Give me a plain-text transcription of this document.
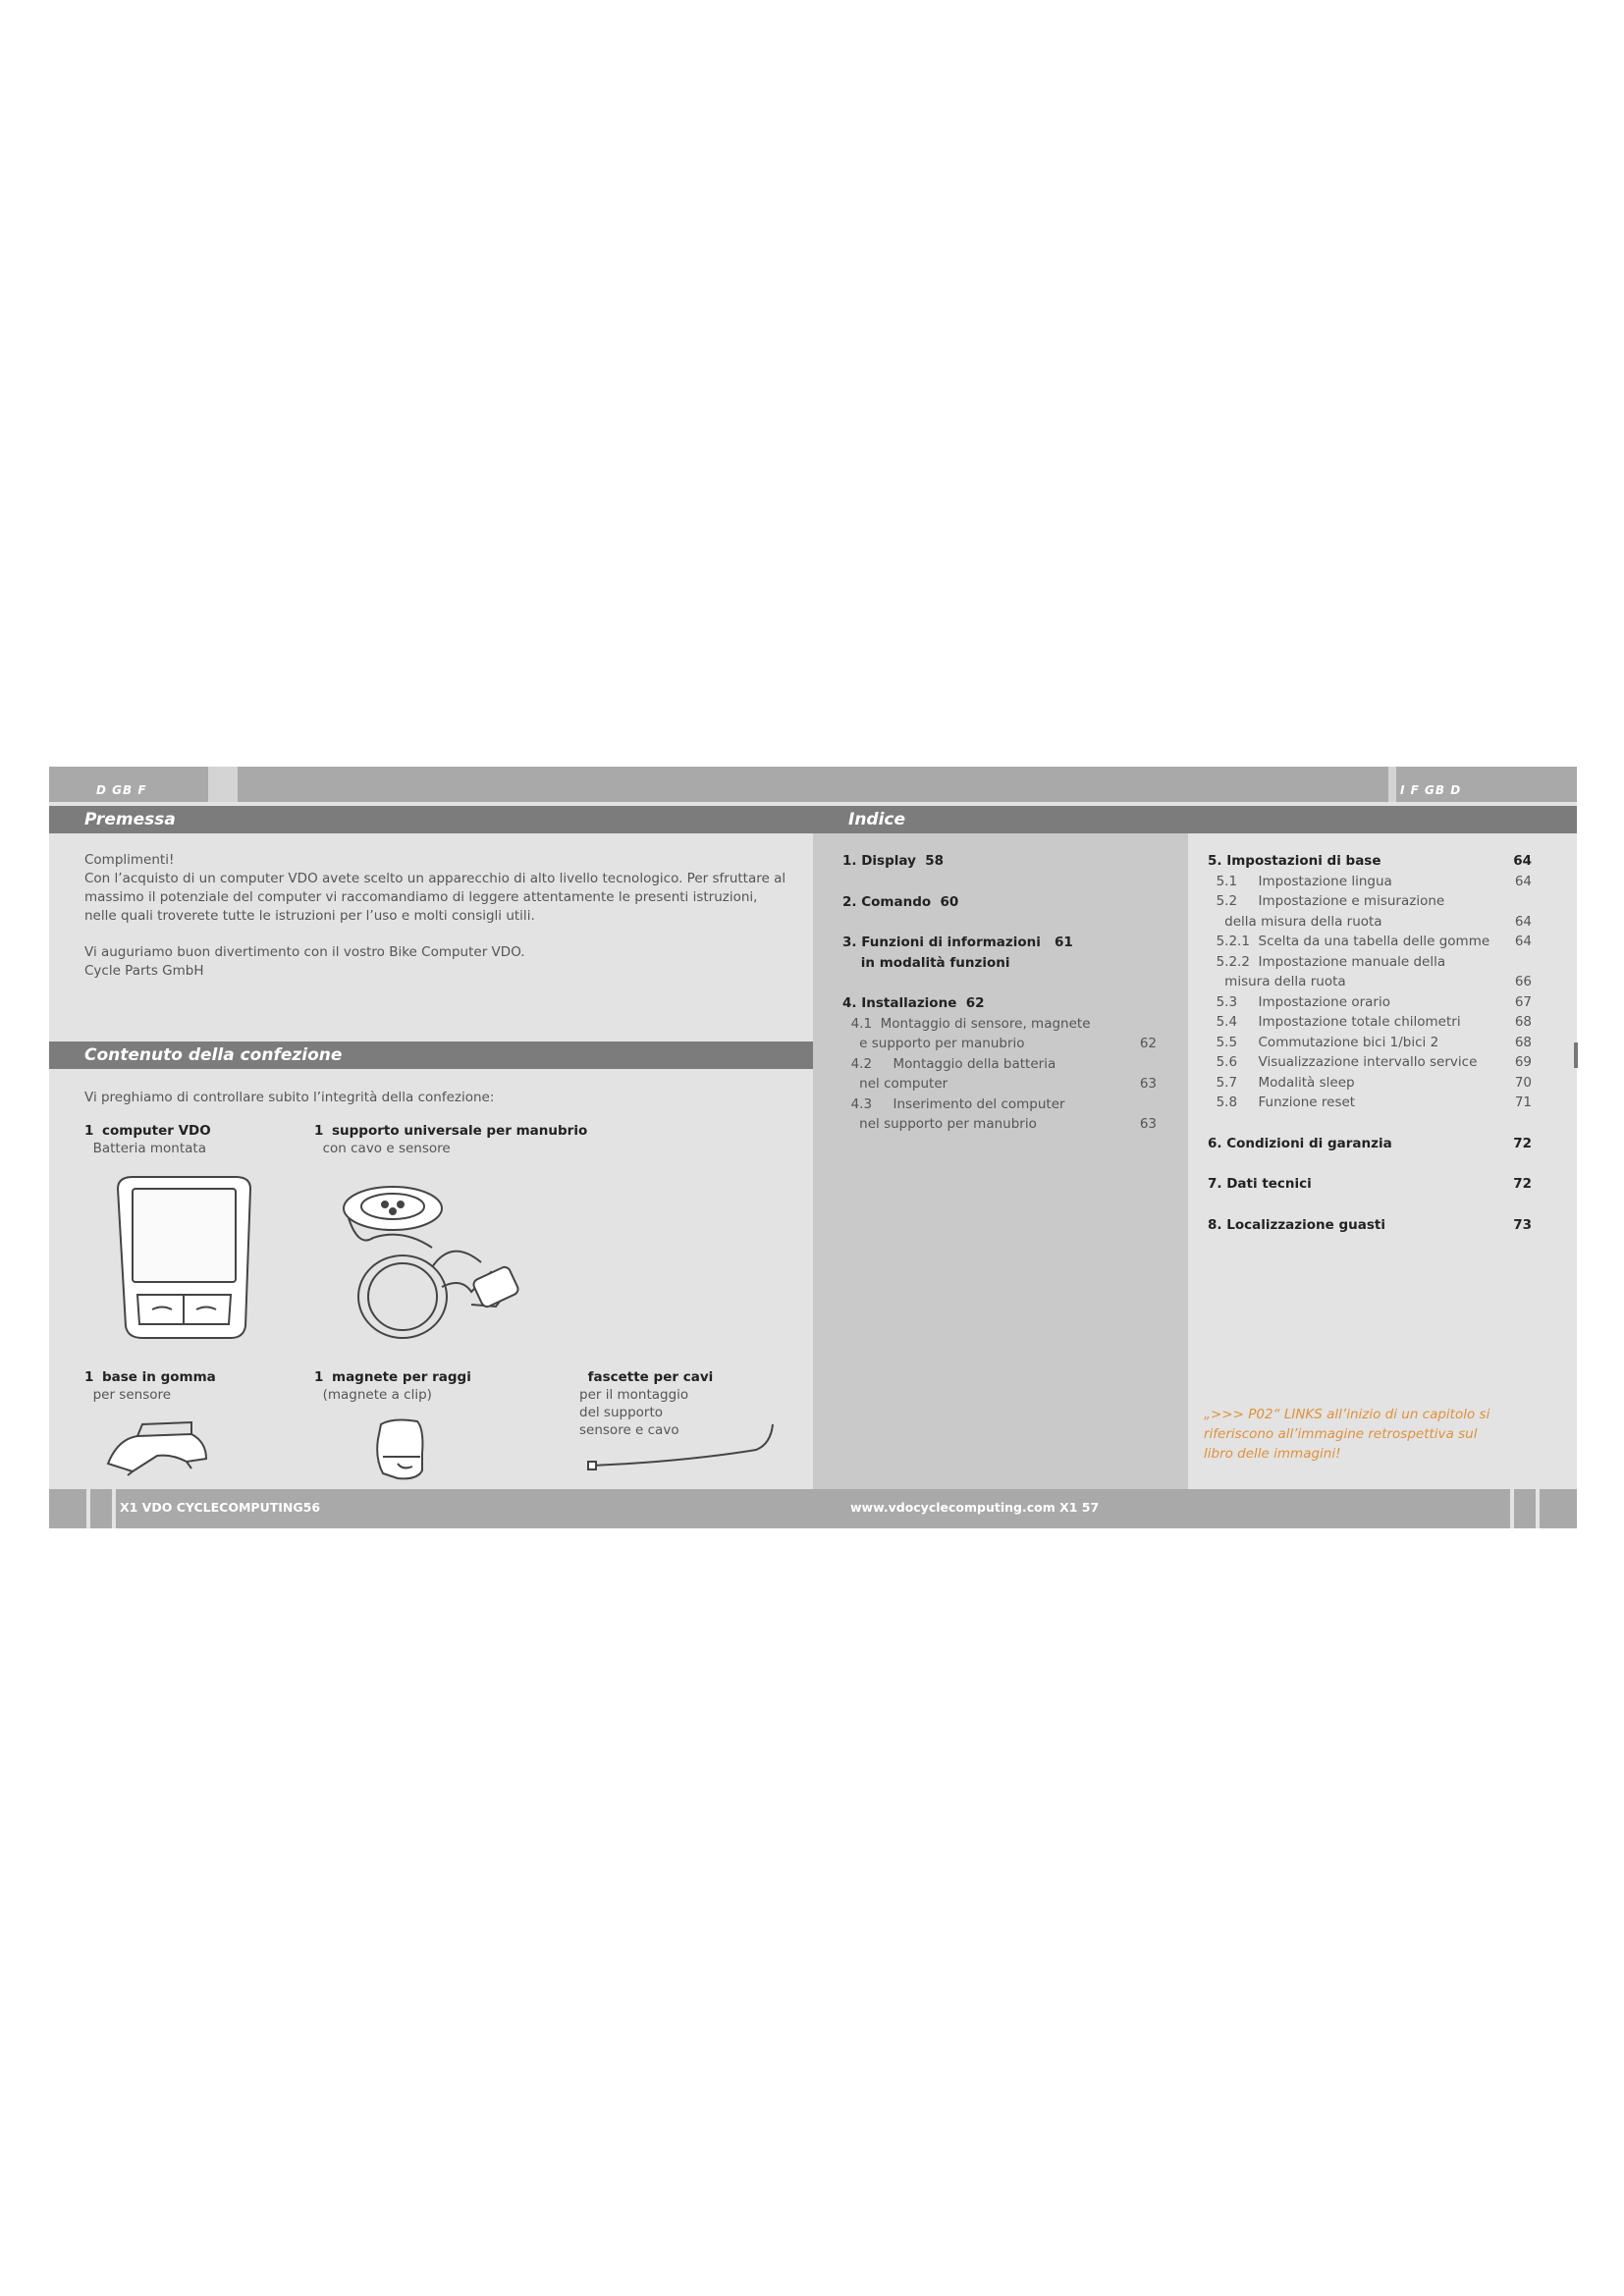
D GB F	I F GB D
Premessa

Complimenti!
Con l’acquisto di un computer VDO avete scelto un apparecchio di alto livello tecnologico. Per sfruttare al massimo il potenziale del computer vi raccomandiamo di leggere attentamente le presenti istruzioni, nelle quali troverete tutte le istruzioni per l’uso e molti consigli utili.

Vi auguriamo buon divertimento con il vostro Bike Computer VDO.
Cycle Parts GmbH

Contenuto della confezione
Vi preghiamo di controllare subito l’integrità della confezione:
1 computer VDO
Batteria montata
1 supporto universale per manubrio
con cavo e sensore
1 base in gomma
per sensore
1 magnete per raggi
(magnete a clip)
fascette per cavi
per il montaggio
del supporto
sensore e cavo
Indice
1. Display  58
2. Comando  60
3. Funzioni di informazioni   61
in modalità funzioni
4. Installazione  62
4.1  Montaggio di sensore, magnete
e supporto per manubrio	62
4.2     Montaggio della batteria
nel computer	63
4.3     Inserimento del computer
nel supporto per manubrio	63
5. Impostazioni di base	64
5.1     Impostazione lingua	64
5.2     Impostazione e misurazione
della misura della ruota	64
5.2.1  Scelta da una tabella delle gomme 64
5.2.2  Impostazione manuale della
misura della ruota	66
5.3     Impostazione orario	67
5.4     Impostazione totale chilometri	68
5.5     Commutazione bici 1/bici 2	68
5.6     Visualizzazione intervallo service	69
5.7     Modalità sleep	70
5.8     Funzione reset	71
6. Condizioni di garanzia	72
7. Dati tecnici	72
8. Localizzazione guasti	73
„>>> P02“ LINKS all’inizio di un capitolo si riferiscono all’immagine retrospettiva sul libro delle immagini!
X1 VDO CYCLECOMPUTING56	www.vdocyclecomputing.com X1 57
